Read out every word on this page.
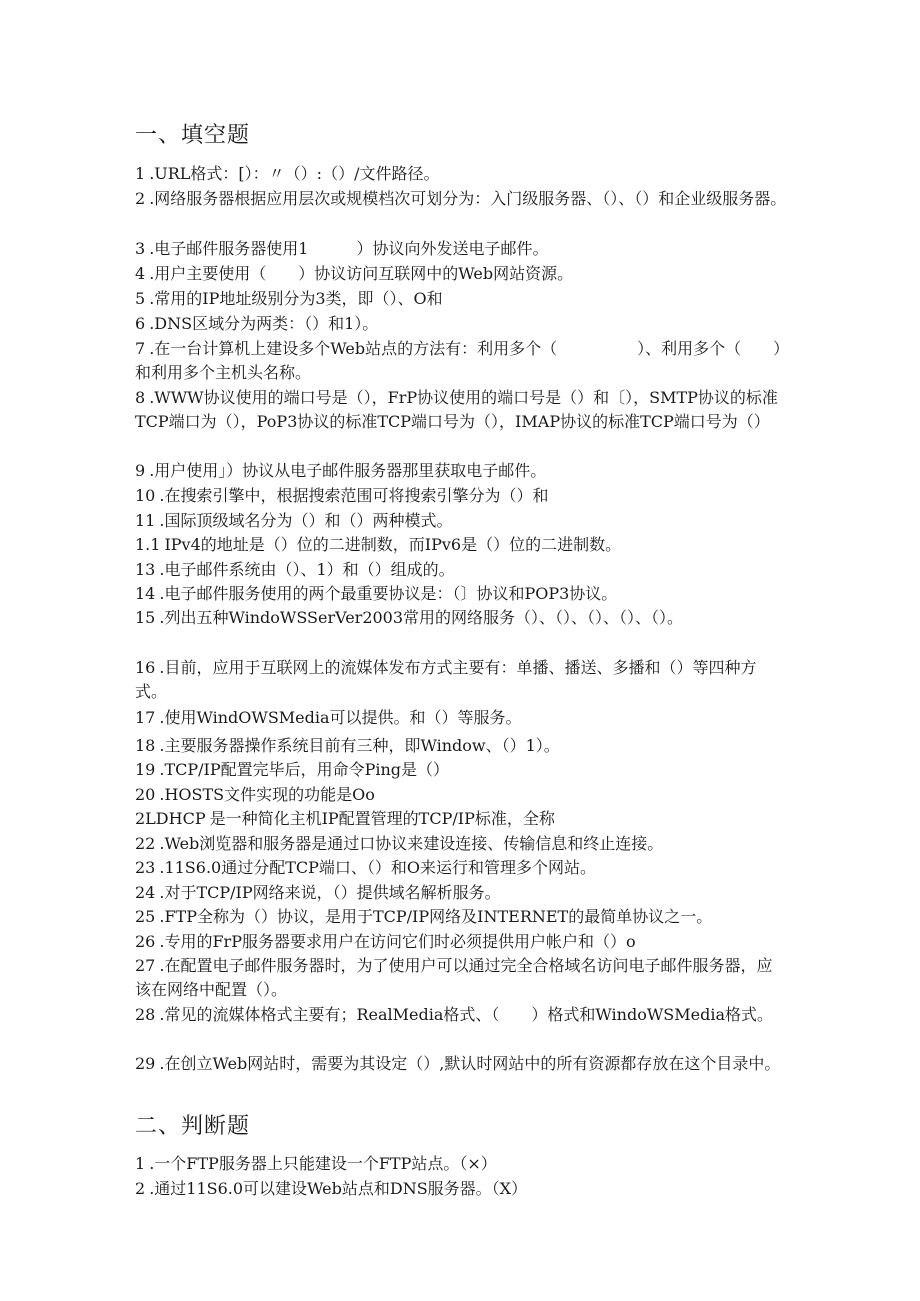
一、填空题

1 .URL格式：[）：〃（）:（）/文件路径。

2 .网络服务器根据应用层次或规模档次可划分为：入门级服务器、（）、（）和企业级服务器。

3 .电子邮件服务器使用1　　　）协议向外发送电子邮件。

4 .用户主要使用（　　）协议访问互联网中的Web网站资源。

5 .常用的IP地址级别分为3类，即（）、O和

6 .DNS区域分为两类：（）和1）。

7 .在一台计算机上建设多个Web站点的方法有：利用多个（　　　　　）、利用多个（　　）和利用多个主机头名称。

8 .WWW协议使用的端口号是（），FrP协议使用的端口号是（）和〔），SMTP协议的标准TCP端口为（），PoP3协议的标准TCP端口号为（），IMAP协议的标准TCP端口号为（）

9 .用户使用」）协议从电子邮件服务器那里获取电子邮件。

10 .在搜索引擎中，根据搜索范围可将搜索引擎分为（）和

11 .国际顶级域名分为（）和（）两种模式。

1.1 IPv4的地址是（）位的二进制数，而IPv6是（）位的二进制数。

13 .电子邮件系统由（）、1）和（）组成的。

14 .电子邮件服务使用的两个最重要协议是：（〕协议和POP3协议。

15 .列出五种WindoWSSerVer2003常用的网络服务（）、（）、（）、（）、（）。

16 .目前，应用于互联网上的流媒体发布方式主要有：单播、播送、多播和（）等四种方式。

17 .使用WindOWSMedia可以提供。和（）等服务。

18 .主要服务器操作系统目前有三种，即Window、（）1）。

19 .TCP/IP配置完毕后，用命令Ping是（）

20 .HOSTS文件实现的功能是Oo

2LDHCP 是一种简化主机IP配置管理的TCP/IP标准，全称

22 .Web浏览器和服务器是通过口协议来建设连接、传输信息和终止连接。

23 .11S6.0通过分配TCP端口、（）和O来运行和管理多个网站。

24 .对于TCP/IP网络来说，（）提供域名解析服务。

25 .FTP全称为（）协议，是用于TCP/IP网络及INTERNET的最简单协议之一。

26 .专用的FrP服务器要求用户在访问它们时必须提供用户帐户和（）o

27 .在配置电子邮件服务器时，为了使用户可以通过完全合格域名访问电子邮件服务器，应该在网络中配置（）。

28 .常见的流媒体格式主要有；RealMedia格式、（　　）格式和WindoWSMedia格式。

29 .在创立Web网站时，需要为其设定（）,默认时网站中的所有资源都存放在这个目录中。

二、判断题

1 .一个FTP服务器上只能建设一个FTP站点。（×）

2 .通过11S6.0可以建设Web站点和DNS服务器。（X）
